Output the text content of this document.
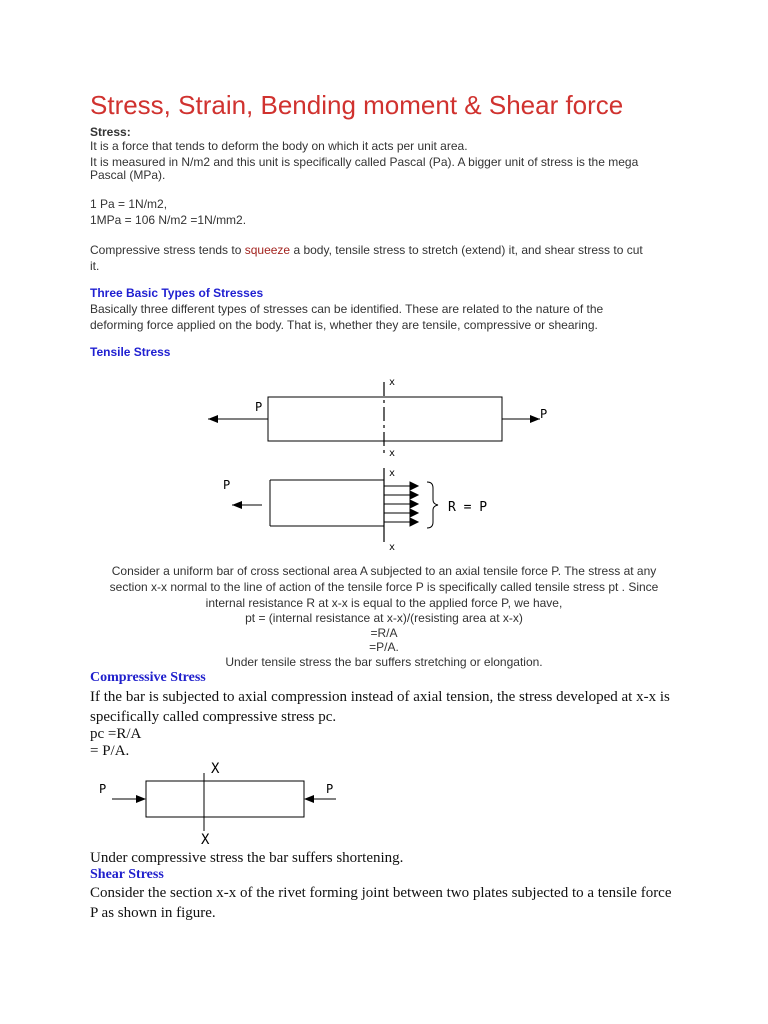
Stress, Strain, Bending moment & Shear force
Stress:
It is a force that tends to deform the body on which it acts per unit area.
It is measured in N/m2 and this unit is specifically called Pascal (Pa). A bigger unit of stress is the mega
Pascal (MPa).
1 Pa = 1N/m2,
1MPa = 106 N/m2 =1N/mm2.
Compressive stress tends to squeeze a body, tensile stress to stretch (extend) it, and shear stress to cut
it.
Three Basic Types of Stresses
Basically three different types of stresses can be identified. These are related to the nature of the
deforming force applied on the body. That is, whether they are tensile, compressive or shearing.
Tensile Stress
P	P
x
x
P
x
x
R = P
Consider a uniform bar of cross sectional area A subjected to an axial tensile force P. The stress at any
section x-x normal to the line of action of the tensile force P is specifically called tensile stress pt . Since
internal resistance R at x-x is equal to the applied force P, we have,
pt = (internal resistance at x-x)/(resisting area at x-x)
=R/A
=P/A.
Under tensile stress the bar suffers stretching or elongation.
Compressive Stress
If the bar is subjected to axial compression instead of axial tension, the stress developed at x-x is
specifically called compressive stress pc.
pc =R/A
= P/A.
X
X
P	P
Under compressive stress the bar suffers shortening.
Shear Stress
Consider the section x-x of the rivet forming joint between two plates subjected to a tensile force
P as shown in figure.
